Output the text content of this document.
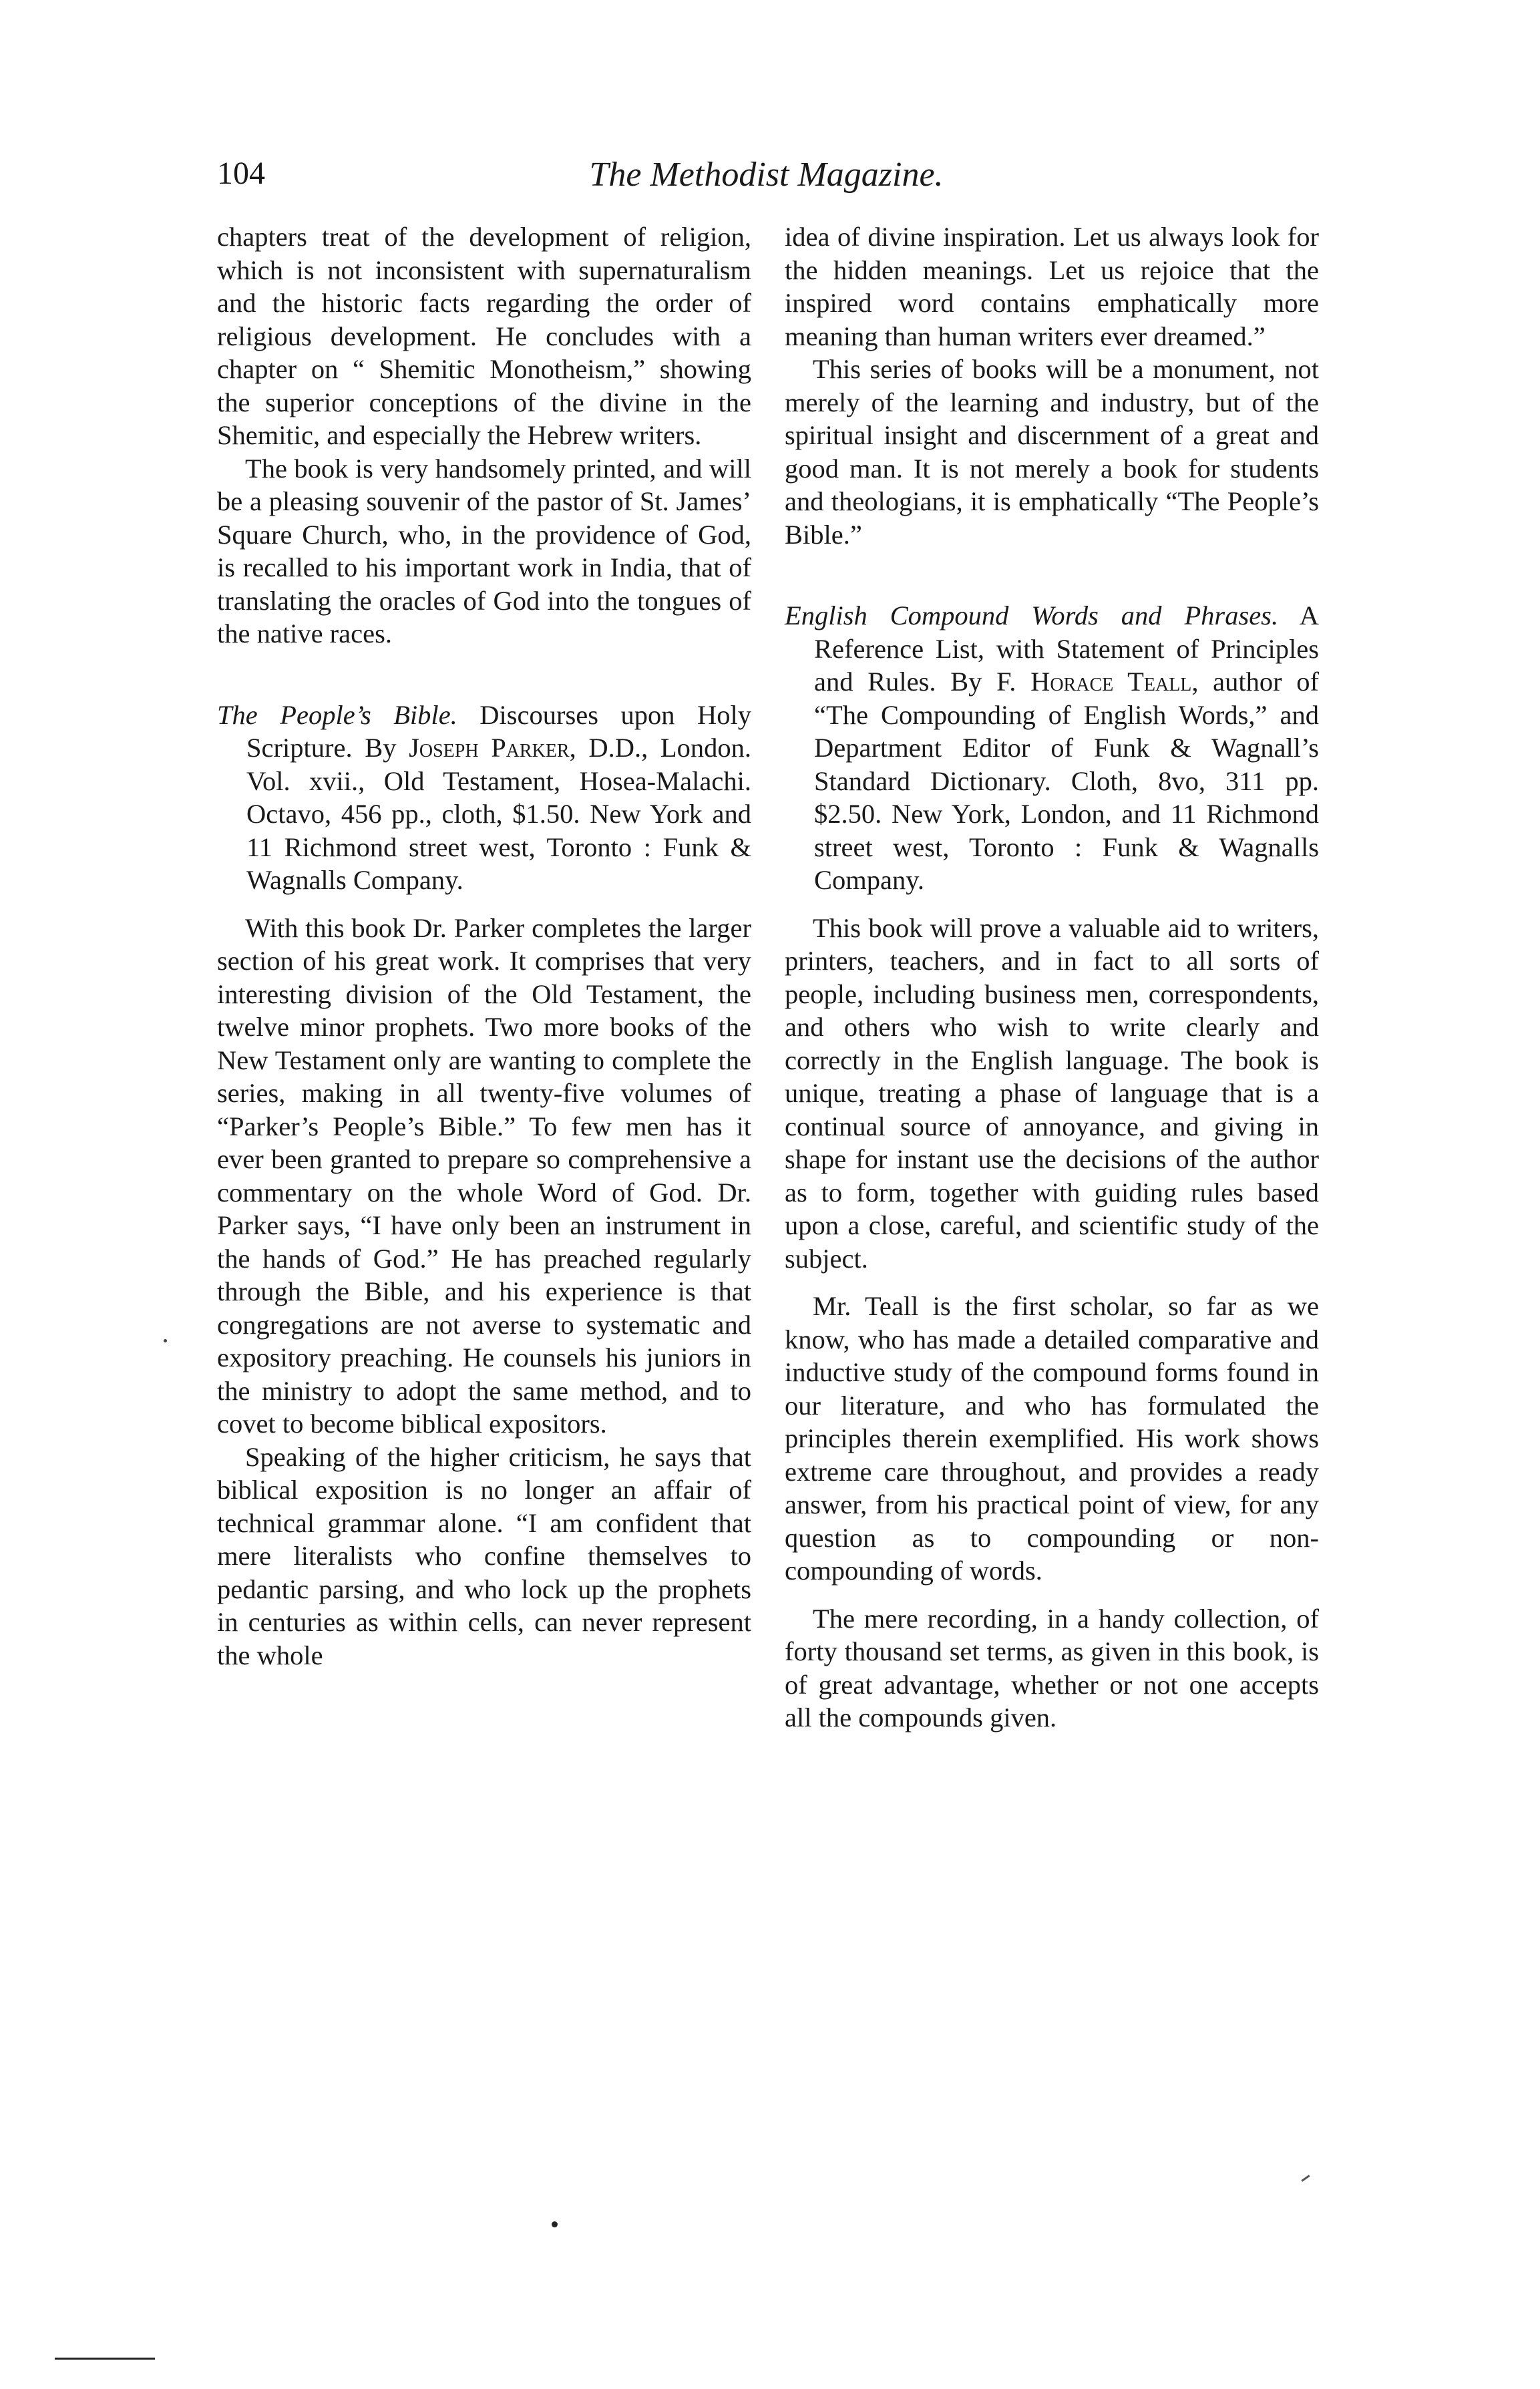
104	The Methodist Magazine.

chapters treat of the development of religion, which is not inconsistent with supernaturalism and the historic facts regarding the order of religious development. He concludes with a chapter on “ Shemitic Monotheism,” showing the superior conceptions of the divine in the Shemitic, and especially the Hebrew writers.

The book is very handsomely printed, and will be a pleasing souvenir of the pastor of St. James’ Square Church, who, in the providence of God, is recalled to his important work in India, that of translating the oracles of God into the tongues of the native races.

The People’s Bible. Discourses upon Holy Scripture. By Joseph Parker, D.D., London. Vol. xvii., Old Testament, Hosea-Malachi. Octavo, 456 pp., cloth, $1.50. New York and 11 Richmond street west, Toronto : Funk & Wagnalls Company.

With this book Dr. Parker completes the larger section of his great work. It comprises that very interesting division of the Old Testament, the twelve minor prophets. Two more books of the New Testament only are wanting to complete the series, making in all twenty-five volumes of “Parker’s People’s Bible.” To few men has it ever been granted to prepare so comprehensive a commentary on the whole Word of God. Dr. Parker says, “I have only been an instrument in the hands of God.” He has preached regularly through the Bible, and his experience is that congregations are not averse to systematic and expository preaching. He counsels his juniors in the ministry to adopt the same method, and to covet to become biblical expositors.

Speaking of the higher criticism, he says that biblical exposition is no longer an affair of technical grammar alone. “I am confident that mere literalists who confine themselves to pedantic parsing, and who lock up the prophets in centuries as within cells, can never represent the whole

idea of divine inspiration. Let us always look for the hidden meanings. Let us rejoice that the inspired word contains emphatically more meaning than human writers ever dreamed.”

This series of books will be a monument, not merely of the learning and industry, but of the spiritual insight and discernment of a great and good man. It is not merely a book for students and theologians, it is emphatically “The People’s Bible.”

English Compound Words and Phrases. A Reference List, with Statement of Principles and Rules. By F. Horace Teall, author of “The Compounding of English Words,” and Department Editor of Funk & Wagnall’s Standard Dictionary. Cloth, 8vo, 311 pp. $2.50. New York, London, and 11 Richmond street west, Toronto : Funk & Wagnalls Company.

This book will prove a valuable aid to writers, printers, teachers, and in fact to all sorts of people, including business men, correspondents, and others who wish to write clearly and correctly in the English language. The book is unique, treating a phase of language that is a continual source of annoyance, and giving in shape for instant use the decisions of the author as to form, together with guiding rules based upon a close, careful, and scientific study of the subject.

Mr. Teall is the first scholar, so far as we know, who has made a detailed comparative and inductive study of the compound forms found in our literature, and who has formulated the principles therein exemplified. His work shows extreme care throughout, and provides a ready answer, from his practical point of view, for any question as to compounding or non-compounding of words.

The mere recording, in a handy collection, of forty thousand set terms, as given in this book, is of great advantage, whether or not one accepts all the compounds given.
